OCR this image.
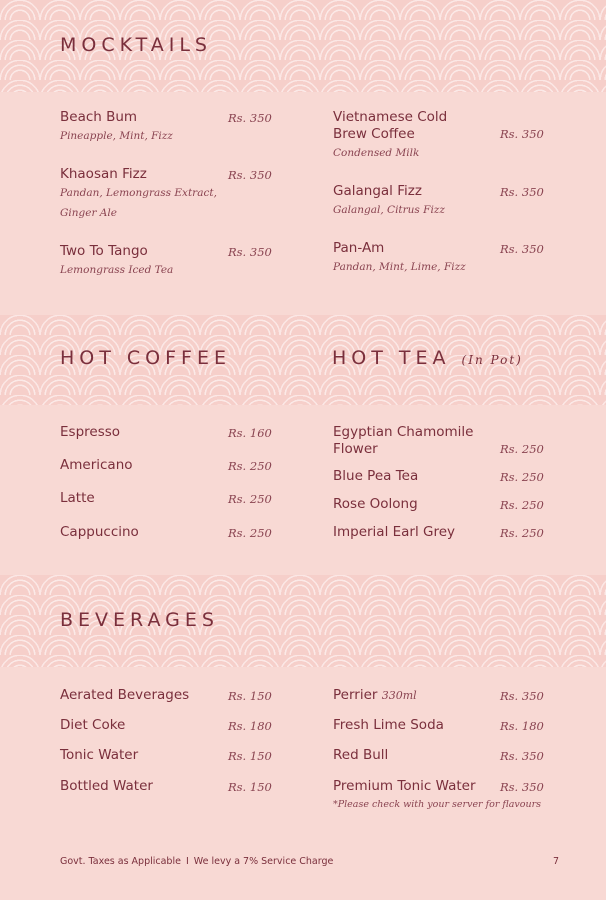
MOCKTAILS
Beach Bum
Pineapple, Mint, Fizz
Rs. 350
Khaosan Fizz
Pandan, Lemongrass Extract,
Ginger Ale
Rs. 350
Two To Tango
Lemongrass Iced Tea
Rs. 350
Vietnamese Cold
Brew Coffee
Condensed Milk
Rs. 350
Galangal Fizz
Galangal, Citrus Fizz
Rs. 350
Pan-Am
Pandan, Mint, Lime, Fizz
Rs. 350
HOT COFFEE
Espresso	Rs. 160
Americano	Rs. 250
Latte	Rs. 250
Cappuccino	Rs. 250
HOT TEA (In Pot)
Egyptian Chamomile
Flower	Rs. 250
Blue Pea Tea	Rs. 250
Rose Oolong	Rs. 250
Imperial Earl Grey	Rs. 250
BEVERAGES
Aerated Beverages	Rs. 150
Diet Coke	Rs. 180
Tonic Water	Rs. 150
Bottled Water	Rs. 150
Perrier 330ml	Rs. 350
Fresh Lime Soda	Rs. 180
Red Bull	Rs. 350
Premium Tonic Water Rs. 350
*Please check with your server for flavours
Govt. Taxes as Applicable I We levy a 7% Service Charge	7
